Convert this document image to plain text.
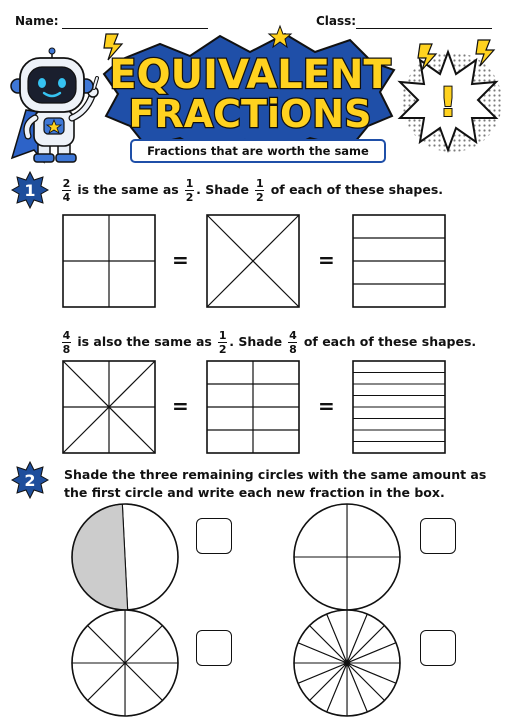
Name:	Class:
EQUIVALENT
FRACTiONS
Fractions that are worth the same
!
$1 \frac{2}{4}$ is the same as $\frac{1}{2}$ . Shade $\frac{1}{2}$ of each of these shapes.
=	=
$\frac{4}{8}$ is also the same as $\frac{1}{2}$ . Shade $\frac{4}{8}$ of each of these shapes.
=	=
2 Shade the three remaining circles with the same amount as
the first circle and write each new fraction in the box.
